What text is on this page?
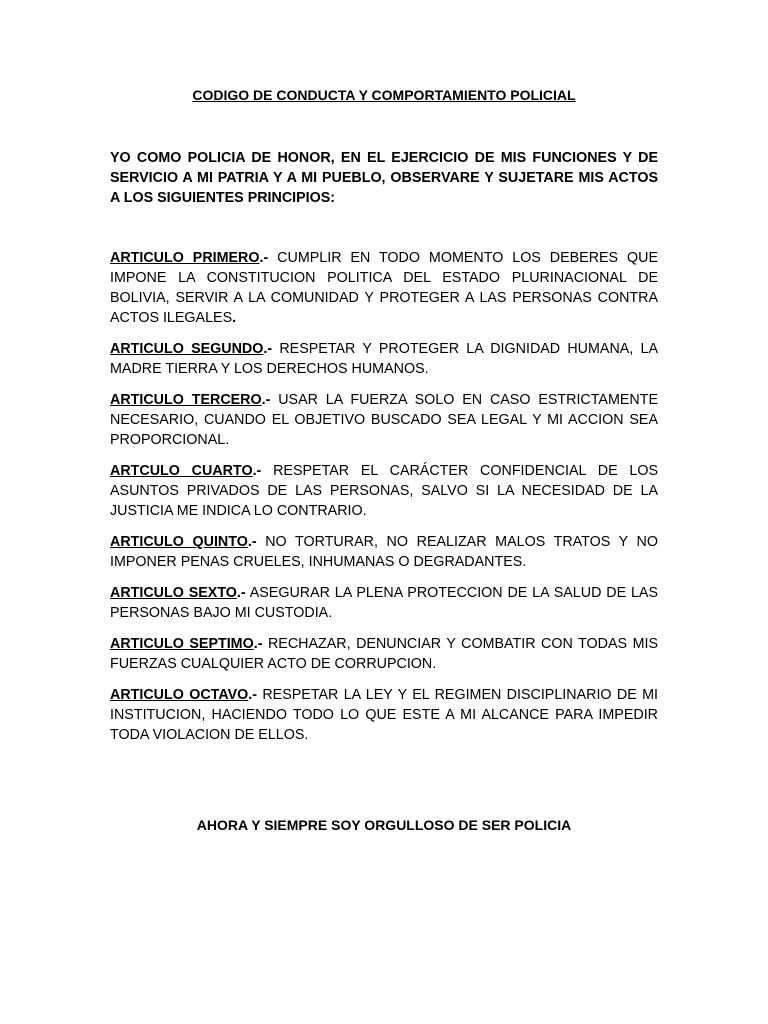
CODIGO DE CONDUCTA Y COMPORTAMIENTO POLICIAL
YO COMO POLICIA DE HONOR, EN EL EJERCICIO DE MIS FUNCIONES Y DE SERVICIO A MI PATRIA Y A MI PUEBLO, OBSERVARE Y SUJETARE MIS ACTOS A LOS SIGUIENTES PRINCIPIOS:

ARTICULO PRIMERO.- CUMPLIR EN TODO MOMENTO LOS DEBERES QUE IMPONE LA CONSTITUCION POLITICA DEL ESTADO PLURINACIONAL DE BOLIVIA, SERVIR A LA COMUNIDAD Y PROTEGER A LAS PERSONAS CONTRA ACTOS ILEGALES.

ARTICULO SEGUNDO.- RESPETAR Y PROTEGER LA DIGNIDAD HUMANA, LA MADRE TIERRA Y LOS DERECHOS HUMANOS.

ARTICULO TERCERO.- USAR LA FUERZA SOLO EN CASO ESTRICTAMENTE NECESARIO, CUANDO EL OBJETIVO BUSCADO SEA LEGAL Y MI ACCION SEA PROPORCIONAL.

ARTCULO CUARTO.- RESPETAR EL CARÁCTER CONFIDENCIAL DE LOS ASUNTOS PRIVADOS DE LAS PERSONAS, SALVO SI LA NECESIDAD DE LA JUSTICIA ME INDICA LO CONTRARIO.

ARTICULO QUINTO.- NO TORTURAR, NO REALIZAR MALOS TRATOS Y NO IMPONER PENAS CRUELES, INHUMANAS O DEGRADANTES.

ARTICULO SEXTO.- ASEGURAR LA PLENA PROTECCION DE LA SALUD DE LAS PERSONAS BAJO MI CUSTODIA.

ARTICULO SEPTIMO.- RECHAZAR, DENUNCIAR Y COMBATIR CON TODAS MIS FUERZAS CUALQUIER ACTO DE CORRUPCION.

ARTICULO OCTAVO.- RESPETAR LA LEY Y EL REGIMEN DISCIPLINARIO DE MI INSTITUCION, HACIENDO TODO LO QUE ESTE A MI ALCANCE PARA IMPEDIR TODA VIOLACION DE ELLOS.

AHORA Y SIEMPRE SOY ORGULLOSO DE SER POLICIA
